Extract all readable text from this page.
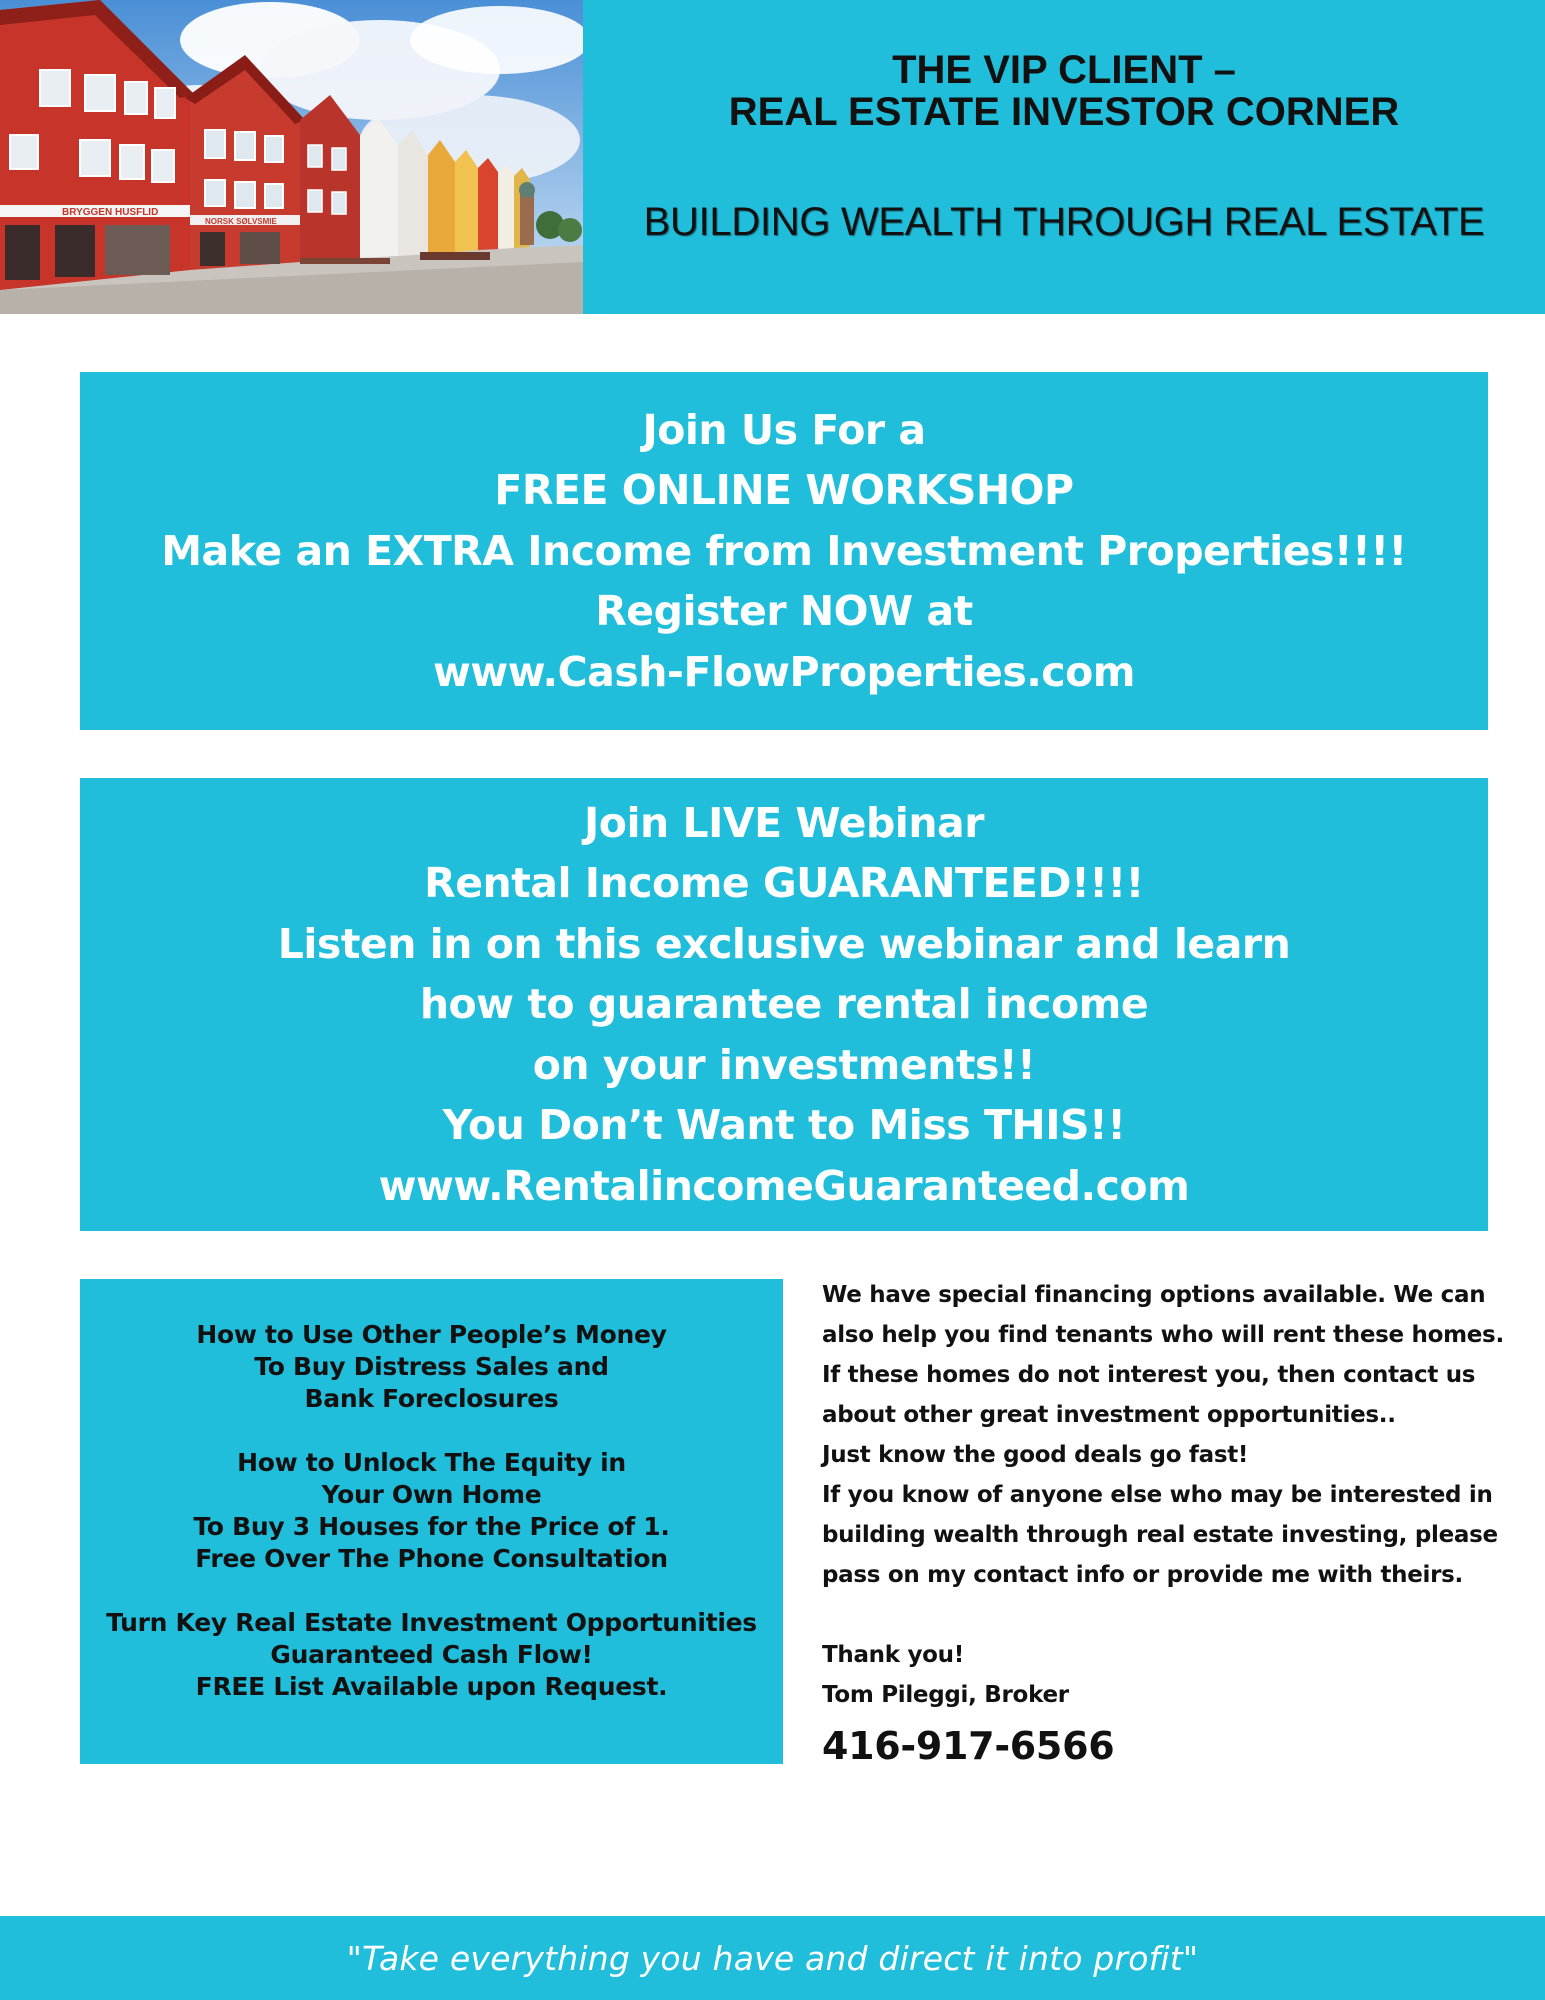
BRYGGEN HUSFLID
NORSK SØLVSMIE
THE VIP CLIENT –
REAL ESTATE INVESTOR CORNER
BUILDING WEALTH THROUGH REAL ESTATE
Join Us For a
FREE ONLINE WORKSHOP
Make an EXTRA Income from Investment Properties!!!!
Register NOW at
www.Cash-FlowProperties.com
Join LIVE Webinar
Rental Income GUARANTEED!!!!
Listen in on this exclusive webinar and learn
how to guarantee rental income
on your investments!!
You Don’t Want to Miss THIS!!
www.RentalincomeGuaranteed.com
How to Use Other People’s Money
To Buy Distress Sales and
Bank Foreclosures
How to Unlock The Equity in
Your Own Home
To Buy 3 Houses for the Price of 1.
Free Over The Phone Consultation
Turn Key Real Estate Investment Opportunities
Guaranteed Cash Flow!
FREE List Available upon Request.
We have special financing options available. We can
also help you find tenants who will rent these homes.
If these homes do not interest you, then contact us
about other great investment opportunities..
Just know the good deals go fast!
If you know of anyone else who may be interested in
building wealth through real estate investing, please
pass on my contact info or provide me with theirs.
Thank you!
Tom Pileggi, Broker
416-917-6566
"Take everything you have and direct it into profit"
